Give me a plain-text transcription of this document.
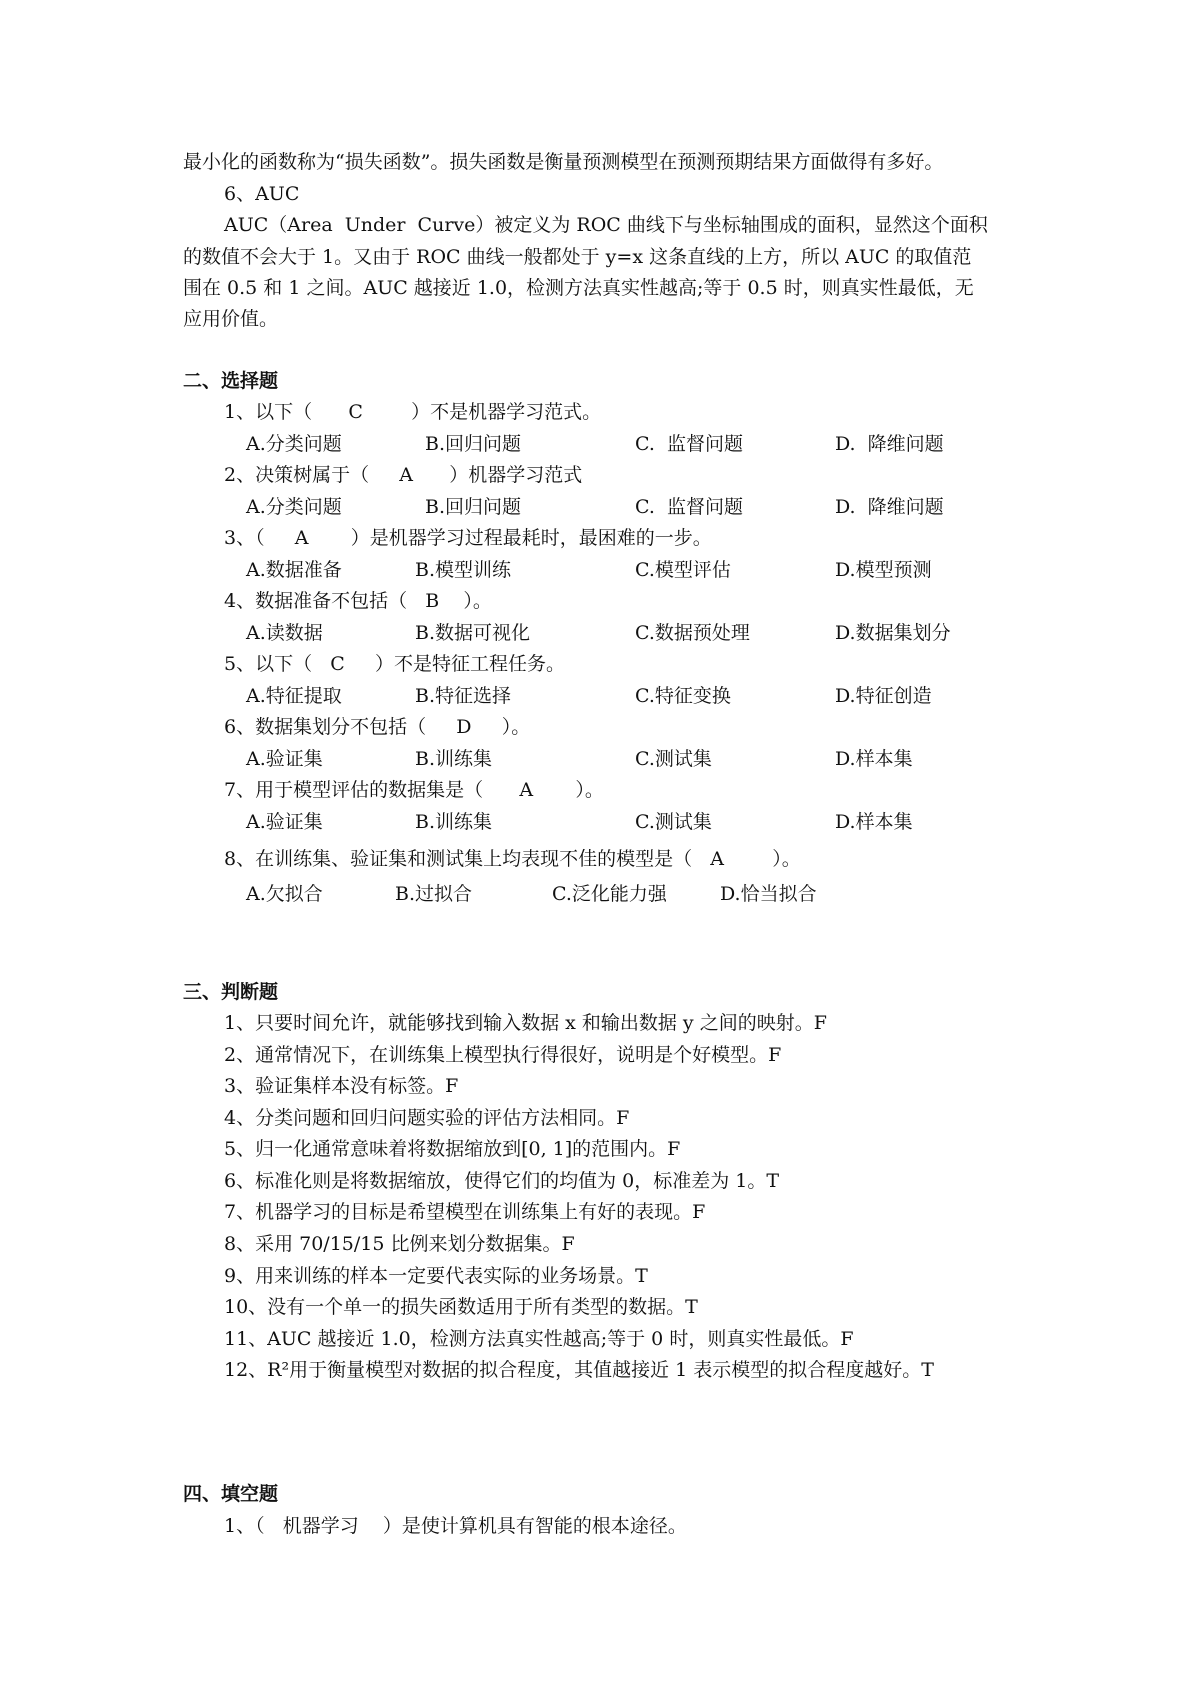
最小化的函数称为“损失函数”。损失函数是衡量预测模型在预测预期结果方面做得有多好。
6、AUC
AUC（Area  Under  Curve）被定义为 ROC 曲线下与坐标轴围成的面积，显然这个面积
的数值不会大于 1。又由于 ROC 曲线一般都处于 y=x 这条直线的上方，所以 AUC 的取值范
围在 0.5 和 1 之间。AUC 越接近 1.0，检测方法真实性越高;等于 0.5 时，则真实性最低，无
应用价值。
二、选择题
1、以下（      C        ）不是机器学习范式。
A.分类问题	B.回归问题	C.  监督问题	D.  降维问题
2、决策树属于（     A      ）机器学习范式
A.分类问题	B.回归问题	C.  监督问题	D.  降维问题
3、（     A       ）是机器学习过程最耗时，最困难的一步。
A.数据准备	B.模型训练	C.模型评估	D.模型预测
4、数据准备不包括（   B    ）。
A.读数据	B.数据可视化	C.数据预处理	D.数据集划分
5、以下（   C     ）不是特征工程任务。
A.特征提取	B.特征选择	C.特征变换	D.特征创造
6、数据集划分不包括（     D     ）。
A.验证集	B.训练集	C.测试集	D.样本集
7、用于模型评估的数据集是（      A       ）。
A.验证集	B.训练集	C.测试集	D.样本集
8、在训练集、验证集和测试集上均表现不佳的模型是（   A        ）。
A.欠拟合	B.过拟合	C.泛化能力强	D.恰当拟合
三、判断题
1、只要时间允许，就能够找到输入数据 x 和输出数据 y 之间的映射。F
2、通常情况下，在训练集上模型执行得很好，说明是个好模型。F
3、验证集样本没有标签。F
4、分类问题和回归问题实验的评估方法相同。F
5、归一化通常意味着将数据缩放到[0, 1]的范围内。F
6、标准化则是将数据缩放，使得它们的均值为 0，标准差为 1。T
7、机器学习的目标是希望模型在训练集上有好的表现。F
8、采用 70/15/15 比例来划分数据集。F
9、用来训练的样本一定要代表实际的业务场景。T
10、没有一个单一的损失函数适用于所有类型的数据。T
11、AUC 越接近 1.0，检测方法真实性越高;等于 0 时，则真实性最低。F
12、R²用于衡量模型对数据的拟合程度，其值越接近 1 表示模型的拟合程度越好。T
四、填空题
1、（   机器学习    ）是使计算机具有智能的根本途径。
